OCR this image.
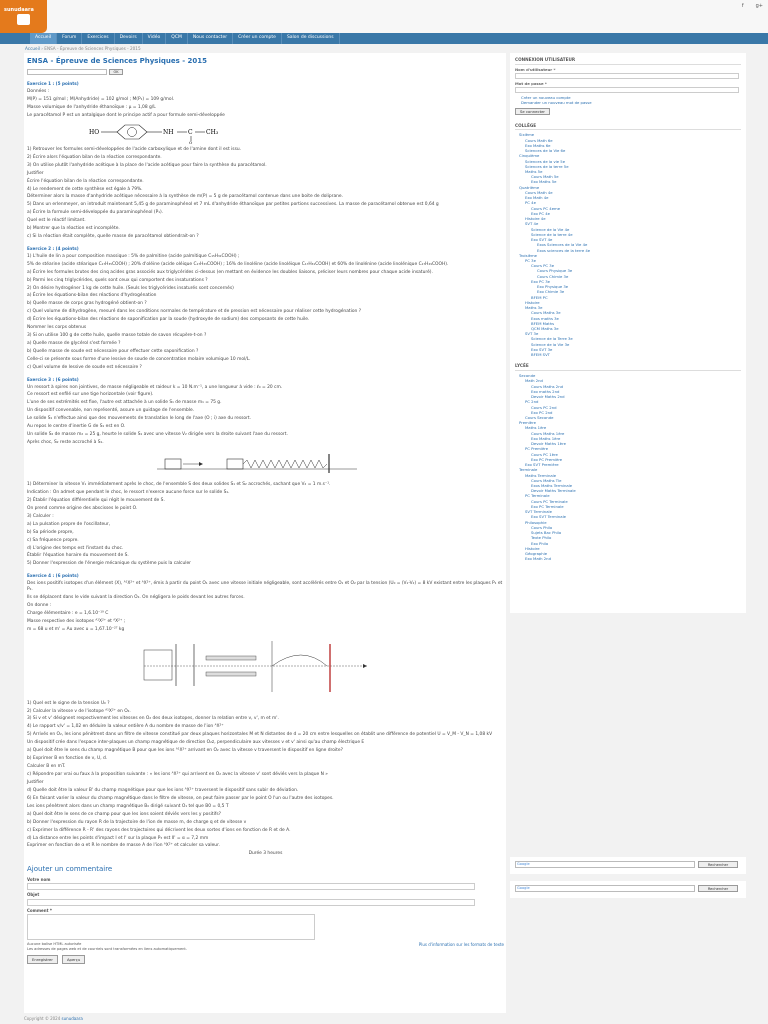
sunudaara
f g+
Accueil	Forum	Exercices	Devoirs	Vidéo	QCM	Nous contacter	Créer un compte	Salon de discussions
Accueil › ENSA - Épreuve de Sciences Physiques - 2015
ENSA - Épreuve de Sciences Physiques - 2015
OK
Exercice 1 : (5 points)
Données :
M(P) = 151 g/mol ; M(Anhydride) = 102 g/mol ; M(P₁) = 109 g/mol.
Masse volumique de l'anhydride éthanoïque : μ = 1,08 g/L
Le paracétamol P est un antalgique dont le principe actif a pour formule semi-développée
HO	NH C
O
CH₃
1) Retrouver les formules semi-développées de l'acide carboxylique et de l'amine dont il est issu.
2) Écrire alors l'équation bilan de la réaction correspondante.
3) On utilise plutôt l'anhydride acétique à la place de l'acide acétique pour faire la synthèse du paracétamol.
Justifier
Écrire l'équation bilan de la réaction correspondante.
4) Le rendement de cette synthèse est égale à 79%.
Déterminer alors la masse d'anhydride acétique nécessaire à la synthèse de m(P) = 5 g de paracétamol contenue dans une boite de doliprane.
5) Dans un erlenmeyer, on introduit maintenant 5,45 g de paraminophénol et 7 mL d'anhydride éthanoïque par petites portions successives. La masse de paracétamol obtenue est 0,64 g
a) Écrire la formule semi-développée du paraminophénol (P₁).
Quel est le réactif limitant.
b) Montrer que la réaction est incomplète.
c) Si la réaction était complète, quelle masse de paracétamol obtiendrait-on ?
Exercice 2 : (4 points)
1) L'huile de lin a pour composition massique : 5% de palmitine (acide palmitique C₁₅H₃₁COOH) ;
5% de stéarine (acide stéarique C₁₇H₃₅COOH) ; 20% d'oléine (acide oléique C₁₇H₃₃COOH) ; 16% de linoléine (acide linoléique C₁₇H₃₁COOH) et 60% de linolénine (acide linolénique C₁₇H₂₉COOH).
a) Écrire les formules brutes des cinq acides gras associés aux triglycérides ci-dessus (en mettant en évidence les doubles liaisons, préciser leurs nombres pour chaque acide insaturé).
b) Parmi les cinq triglycérides, quels sont ceux qui comportent des insaturations ?
2) On désire hydrogéner 1 kg de cette huile. (Seuls les triglycérides insaturés sont concernés)
a) Écrire les équations-bilan des réactions d'hydrogénation
b) Quelle masse de corps gras hydrogéné obtient-on ?
c) Quel volume de dihydrogène, mesuré dans les conditions normales de température et de pression est nécessaire pour réaliser cette hydrogénation ?
d) Écrire les équations-bilan des réactions de saponification par la soude (hydroxyde de sodium) des composants de cette huile.
Nommer les corps obtenus
3) Si on utilise 100 g de cette huile, quelle masse totale de savon récupère-t-on ?
a) Quelle masse de glycérol s'est formée ?
b) Quelle masse de soude est nécessaire pour effectuer cette saponification ?
Celle-ci se présente sous forme d'une lessive de soude de concentration molaire volumique 10 mol/L.
c) Quel volume de lessive de soude est nécessaire ?
Exercice 3 : (6 points)
Un ressort à spires non jointives, de masse négligeable et raideur k = 10 N.m⁻¹, a une longueur à vide : ℓ₀ = 20 cm.
Ce ressort est enfilé sur une tige horizontale (voir figure).
L'une de ses extrémités est fixe, l'autre est attachée à un solide S₁ de masse m₁ = 75 g.
Un dispositif convenable, non représenté, assure un guidage de l'ensemble.
Le solide S₁ n'effectue ainsi que des mouvements de translation le long de l'axe (O ; i) axe du ressort.
Au repos le centre d'inertie G de S₁ est en O.
Un solide S₂ de masse m₂ = 25 g, heurte le solide S₁ avec une vitesse V₂ dirigée vers la droite suivant l'axe du ressort.
Après choc, S₂ reste accroché à S₁.
1) Déterminer la vitesse V₁ immédiatement après le choc, de l'ensemble S des deux solides S₁ et S₂ accrochés, sachant que V₂ = 1 m.s⁻¹.
Indication : On admet que pendant le choc, le ressort n'exerce aucune force sur le solide S₁.
2) Établir l'équation différentielle qui régit le mouvement de S.
On prend comme origine des abscisses le point O.
3) Calculer :
a) La pulsation propre de l'oscillateur,
b) Sa période propre,
c) Sa fréquence propre.
d) L'origine des temps est l'instant du choc.
Établir l'équation horaire du mouvement de S.
5) Donner l'expression de l'énergie mécanique du système puis la calculer
Exercice 4 : (6 points)
Des ions positifs isotopes d'un élément (X), ᴬ¹X²⁺ et ᴬX²⁺, émis à partir du point O₁ avec une vitesse initiale négligeable, sont accélérés entre O₁ et O₂ par la tension (U₀ = (V₁-V₂) = 8 kV existant entre les plaques P₁ et P₂.
Ils se déplacent dans le vide suivant la direction O₂. On négligera le poids devant les autres forces.
On donne :
Charge élémentaire : e = 1,6.10⁻¹⁹ C
Masse respective des isotopes ᴬ¹X²⁺ et ᴬX²⁺ ;
m = 68 u et m' = Au avec u = 1,67.10⁻²⁷ kg
1) Quel est le signe de la tension U₀ ?
2) Calculer la vitesse v de l'isotope ᴬ¹X²⁺ en O₂.
3) Si v et v' désignent respectivement les vitesses en O₂ des deux isotopes, donner la relation entre v, v', m et m'.
4) Le rapport v/v' = 1,02 en déduire la valeur entière A du nombre de masse de l'ion ᴬX²⁺
5) Arrivés en O₂, les ions pénètrent dans un filtre de vitesse constitué par deux plaques horizontales M et N distantes de d = 20 cm entre lesquelles on établit une différence de potentiel U = V_M - V_N = 1,08 kV
Un dispositif crée dans l'espace inter-plaques un champ magnétique de direction O₂z, perpendiculaire aux vitesses v et v' ainsi qu'au champ électrique E
a) Quel doit être le sens du champ magnétique B pour que les ions ᴬ¹X²⁺ arrivant en O₂ avec la vitesse v traversent le dispositif en ligne droite?
b) Exprimer B en fonction de v, U, d.
Calculer B en mT.
c) Répondre par vrai ou faux à la proposition suivante : « les ions ᴬX²⁺ qui arrivent en O₂ avec la vitesse v' sont déviés vers la plaque N »
Justifier
d) Quelle doit être la valeur B' du champ magnétique pour que les ions ᴬX²⁺ traversent le dispositif sans subir de déviation.
6) En faisant varier la valeur du champ magnétique dans le filtre de vitesse, on peut faire passer par le point O l'un ou l'autre des isotopes.
Les ions pénètrent alors dans un champ magnétique B₀ dirigé suivant O₁ tel que B0 = 0,5 T
a) Quel doit être le sens de ce champ pour que les ions soient déviés vers les y positifs?
b) Donner l'expression du rayon R de la trajectoire de l'ion de masse m, de charge q et de vitesse v
c) Exprimer la différence R - R' des rayons des trajectoires qui décrivent les deux sortes d'ions en fonction de R et de A.
d) La distance entre les points d'impact I et I' sur la plaque P₃ est II' = α = 7,2 mm
Exprimer en fonction de α et R le nombre de masse A de l'ion ᴬX²⁺ et calculer sa valeur.
Durée 3 heures
Ajouter un commentaire
Votre nom
Objet
Comment *
Aucune balise HTML autorisée
Les adresses de pages web et de courriels sont transformées en liens automatiquement.
Plus d'information sur les formats de texte
Enregistrer	Aperçu
CONNEXION UTILISATEUR
Nom d'utilisateur *
Mot de passe *
Créer un nouveau compte
Demander un nouveau mot de passe
Se connecter
COLLÈGE
Sixième
Cours Math 6e
Exo Maths 6e
Sciences de la Vie 6e
Cinquième
Sciences de la vie 5e
Sciences de la terre 5e
Maths 5e
Cours Math 5e
Exo Maths 5e
Quatrième
Cours Math 4e
Exo Math 4e
PC 4e
Cours PC 4eme
Exo PC 4e
Histoire 4e
SVT 4e
Science de la Vie 4e
Science de la terre 4e
Exo SVT 4e
Exos Sciences de la Vie 4e
Exos sciences de la terre 4e
Troisième
PC 3e
Cours PC 3e
Cours Physique 3e
Cours Chimie 3e
Exo PC 3e
Exo Physique 3e
Exo Chimie 3e
BFEM PC
Histoire
Maths 3e
Cours Maths 3e
Exos maths 3e
BFEM Maths
QCM Maths 3e
SVT 3e
Science de la Terre 3e
Science de la Vie 3e
Exo SVT 3e
BFEM SVT
LYCÉE
Seconde
Math 2nd
Cours Maths 2nd
Exo maths 2nd
Devoir Maths 2nd
PC 2nd
Cours PC 2nd
Exo PC 2nd
Cours Seconde
Première
Maths 1ère
Cours Maths 1ère
Exo Maths 1ère
Devoir Maths 1ère
PC Première
Cours PC 1ère
Exo PC Première
Exo SVT Première
Terminale
Maths Terminale
Cours Maths Tle
Exos Maths Terminale
Devoir Maths Terminale
PC Terminale
Cours PC Terminale
Exo PC Terminale
SVT Terminale
Exo SVT Terminale
Philosophie
Cours Philo
Sujets Bac Philo
Texte Philo
Exo Philo
Histoire
Géographie
Exo Math 2nd
Google	Rechercher
Google	Rechercher
Copyright © 2024 sunudaara
